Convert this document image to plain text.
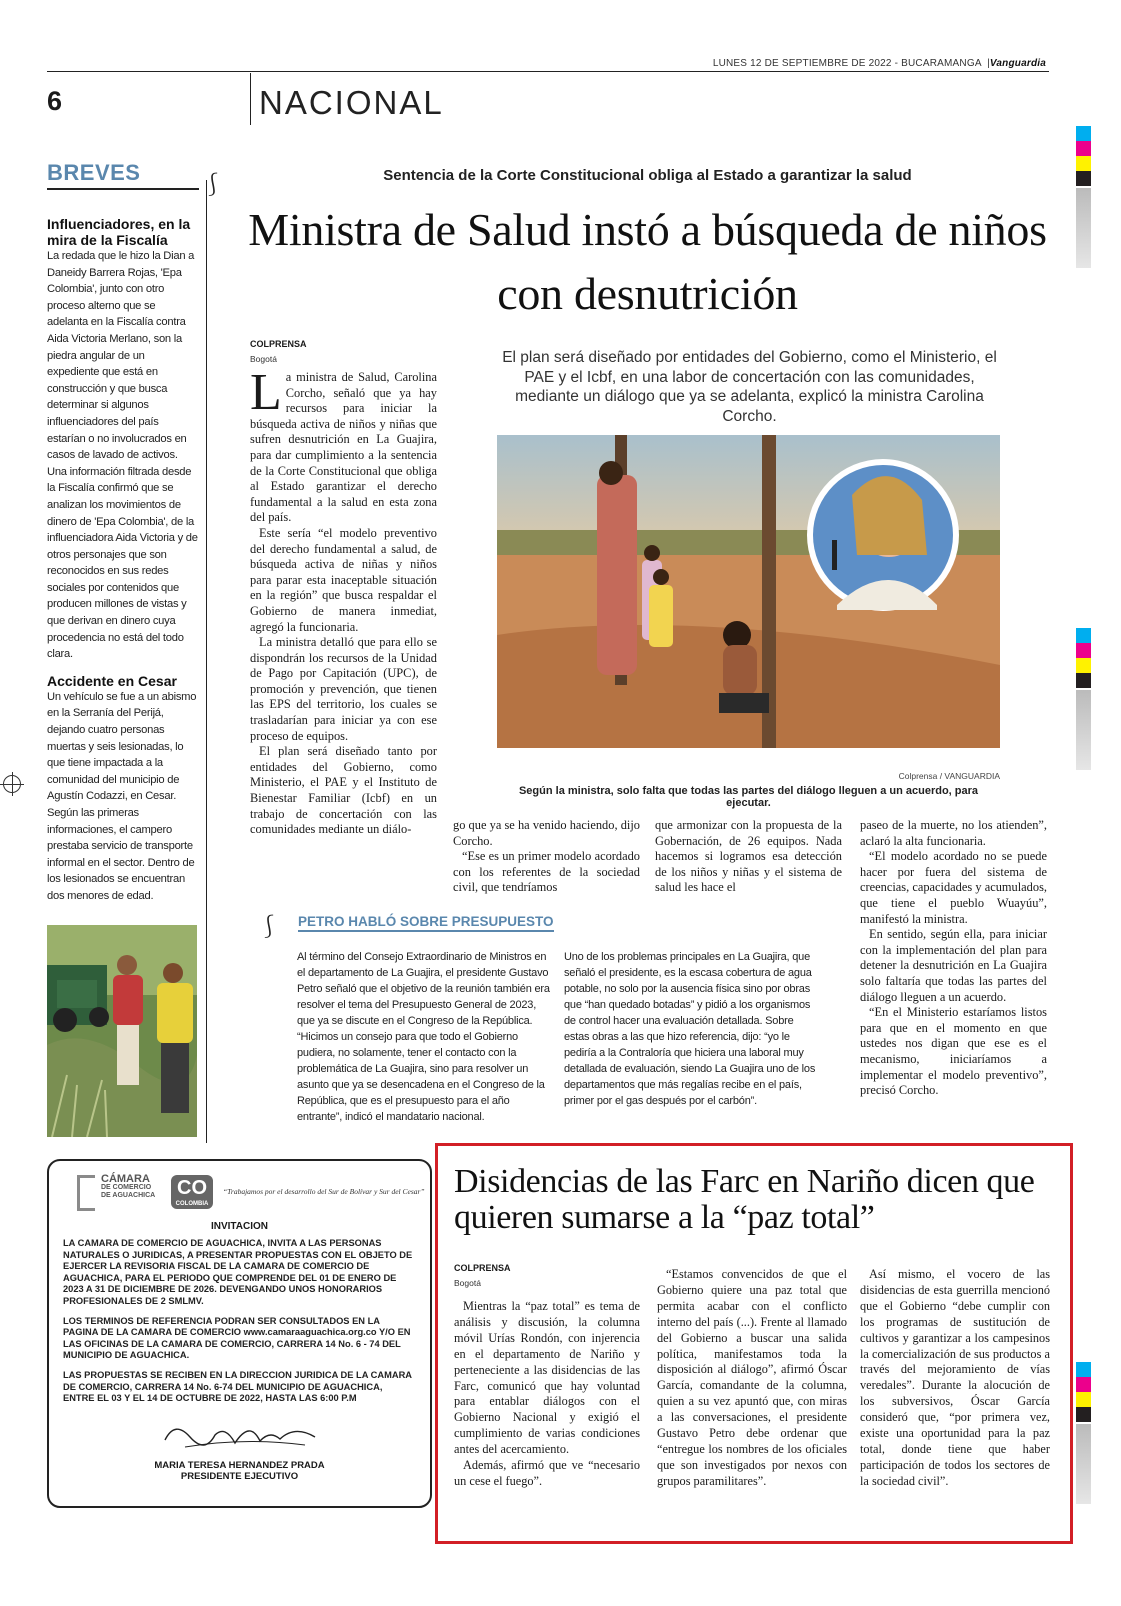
LUNES 12 DE SEPTIEMBRE DE 2022 - BUCARAMANGA  |Vanguardia
6	NACIONAL
⎰
BREVES
Influenciadores, en la mira de la Fiscalía
La redada que le hizo la Dian a Daneidy Barrera Rojas, 'Epa Colombia', junto con otro proceso alterno que se adelanta en la Fiscalía contra Aida Victoria Merlano, son la piedra angular de un expediente que está en construcción y que busca determinar si algunos influenciadores del país estarían o no involucrados en casos de lavado de activos. Una información filtrada desde la Fiscalía confirmó que se analizan los movimientos de dinero de 'Epa Colombia', de la influenciadora Aida Victoria y de otros personajes que son reconocidos en sus redes sociales por contenidos que producen millones de vistas y que derivan en dinero cuya procedencia no está del todo clara.
Accidente en Cesar
Un vehículo se fue a un abismo en la Serranía del Perijá, dejando cuatro personas muertas y seis lesionadas, lo que tiene impactada a la comunidad del municipio de Agustín Codazzi, en Cesar. Según las primeras informaciones, el campero prestaba servicio de transporte informal en el sector. Dentro de los lesionados se encuentran dos menores de edad.
Sentencia de la Corte Constitucional obliga al Estado a garantizar la salud
Ministra de Salud instó a búsqueda de niños con desnutrición
COLPRENSA
Bogotá

La ministra de Salud, Carolina Corcho, señaló que ya hay recursos para iniciar la búsqueda activa de niños y niñas que sufren desnutrición en La Guajira, para dar cumplimiento a la sentencia de la Corte Constitucional que obliga al Estado garantizar el derecho fundamental a la salud en esta zona del país.

Este sería “el modelo preventivo del derecho fundamental a salud, de búsqueda activa de niñas y niños para parar esta inaceptable situación en la región” que busca respaldar el Gobierno de manera inmediat, agregó la funcionaria.

La ministra detalló que para ello se dispondrán los recursos de la Unidad de Pago por Capitación (UPC), de promoción y prevención, que tienen las EPS del territorio, los cuales se trasladarían para iniciar ya con ese proceso de equipos.

El plan será diseñado tanto por entidades del Gobierno, como Ministerio, el PAE y el Instituto de Bienestar Familiar (Icbf) en un trabajo de concertación con las comunidades mediante un diálo-

El plan será diseñado por entidades del Gobierno, como el Ministerio, el PAE y el Icbf, en una labor de concertación con las comunidades, mediante un diálogo que ya se adelanta, explicó la ministra Carolina Corcho.
Colprensa / VANGUARDIA
Según la ministra, solo falta que todas las partes del diálogo lleguen a un acuerdo, para ejecutar.

go que ya se ha venido haciendo, dijo Corcho.

“Ese es un primer modelo acordado con los referentes de la sociedad civil, que tendríamos

que armonizar con la propuesta de la Gobernación, de 26 equipos. Nada hacemos si logramos esa detección de los niños y niñas y el sistema de salud les hace el

paseo de la muerte, no los atienden”, aclaró la alta funcionaria.

“El modelo acordado no se puede hacer por fuera del sistema de creencias, capacidades y acumulados, que tiene el pueblo Wuayúu”, manifestó la ministra.

En sentido, según ella, para iniciar con la implementación del plan para detener la desnutrición en La Guajira solo faltaría que todas las partes del diálogo lleguen a un acuerdo.

“En el Ministerio estaríamos listos para que en el momento en que ustedes nos digan que ese es el mecanismo, iniciaríamos a implementar el modelo preventivo”, precisó Corcho.

⎰ PETRO HABLÓ SOBRE PRESUPUESTO
Al término del Consejo Extraordinario de Ministros en el departamento de La Guajira, el presidente Gustavo Petro señaló que el objetivo de la reunión también era resolver el tema del Presupuesto General de 2023, que ya se discute en el Congreso de la República. “Hicimos un consejo para que todo el Gobierno pudiera, no solamente, tener el contacto con la problemática de La Guajira, sino para resolver un asunto que ya se desencadena en el Congreso de la República, que es el presupuesto para el año entrante”, indicó el mandatario nacional.
Uno de los problemas principales en La Guajira, que señaló el presidente, es la escasa cobertura de agua potable, no solo por la ausencia física sino por obras que “han quedado botadas” y pidió a los organismos de control hacer una evaluación detallada. Sobre estas obras a las que hizo referencia, dijo: “yo le pediría a la Contraloría que hiciera una laboral muy detallada de evaluación, siendo La Guajira uno de los departamentos que más regalías recibe en el país, primer por el gas después por el carbón”.
CÁMARA
DE COMERCIO
DE AGUACHICA	CO
COLOMBIA
“Trabajamos por el desarrollo del Sur de Bolívar y Sur del Cesar”
INVITACION
LA CAMARA DE COMERCIO DE AGUACHICA, INVITA A LAS PERSONAS NATURALES O JURIDICAS, A PRESENTAR PROPUESTAS CON EL OBJETO DE EJERCER LA REVISORIA FISCAL DE LA CAMARA DE COMERCIO DE AGUACHICA, PARA EL PERIODO QUE COMPRENDE DEL 01 DE ENERO DE 2023 A 31 DE DICIEMBRE DE 2026. DEVENGANDO UNOS HONORARIOS PROFESIONALES DE 2 SMLMV.
LOS TERMINOS DE REFERENCIA PODRAN SER CONSULTADOS EN LA PAGINA DE LA CAMARA DE COMERCIO www.camaraaguachica.org.co Y/O EN LAS OFICINAS DE LA CAMARA DE COMERCIO, CARRERA 14 No. 6 - 74 DEL MUNICIPIO DE AGUACHICA.
LAS PROPUESTAS SE RECIBEN EN LA DIRECCION JURIDICA DE LA CAMARA DE COMERCIO, CARRERA 14 No. 6-74 DEL MUNICIPIO DE AGUACHICA, ENTRE EL 03 Y EL 14 DE OCTUBRE DE 2022, HASTA LAS 6:00 P.M
MARIA TERESA HERNANDEZ PRADA
PRESIDENTE EJECUTIVO
Disidencias de las Farc en Nariño dicen que quieren sumarse a la “paz total”
COLPRENSA
Bogotá

Mientras la “paz total” es tema de análisis y discusión, la columna móvil Urías Rondón, con injerencia en el departamento de Nariño y perteneciente a las disidencias de las Farc, comunicó que hay voluntad para entablar diálogos con el Gobierno Nacional y exigió el cumplimiento de varias condiciones antes del acercamiento.

Además, afirmó que ve “necesario un cese el fuego”.

“Estamos convencidos de que el Gobierno quiere una paz total que permita acabar con el conflicto interno del país (...). Frente al llamado del Gobierno a buscar una salida política, manifestamos toda la disposición al diálogo”, afirmó Óscar García, comandante de la columna, quien a su vez apuntó que, con miras a las conversaciones, el presidente Gustavo Petro debe ordenar que “entregue los nombres de los oficiales que son investigados por nexos con grupos paramilitares”.

Así mismo, el vocero de las disidencias de esta guerrilla mencionó que el Gobierno “debe cumplir con los programas de sustitución de cultivos y garantizar a los campesinos la comercialización de sus productos a través del mejoramiento de vías veredales”. Durante la alocución de los subversivos, Óscar García consideró que, “por primera vez, existe una oportunidad para la paz total, donde tiene que haber participación de todos los sectores de la sociedad civil”.
